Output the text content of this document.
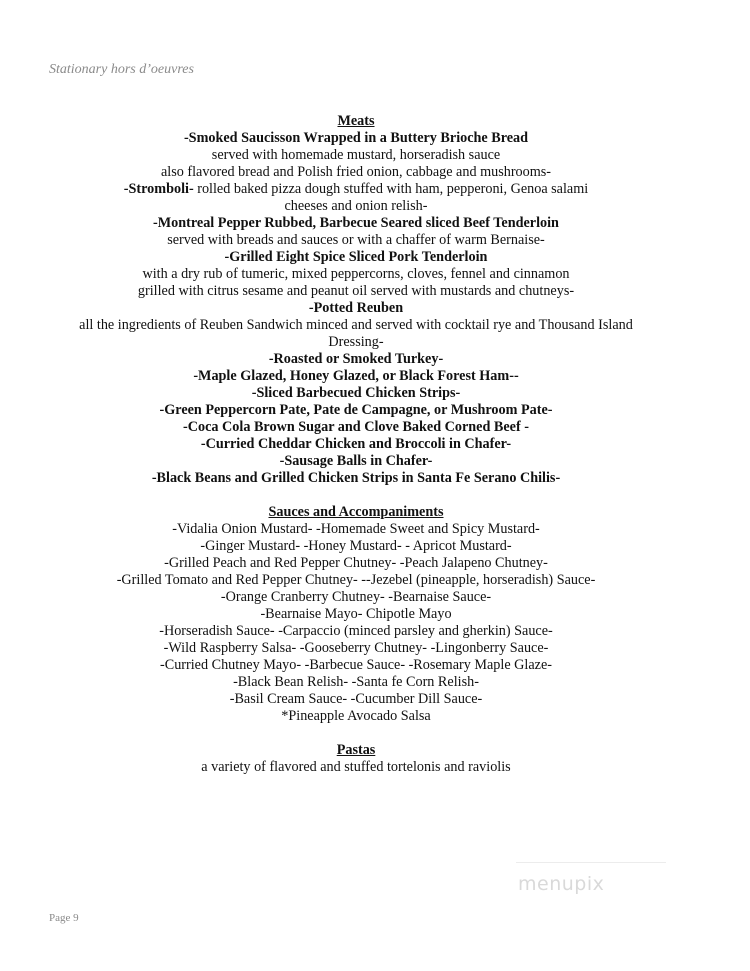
Stationary hors d’oeuvres
Meats
-Smoked Saucisson Wrapped in a Buttery Brioche Bread
served with homemade mustard, horseradish sauce
also flavored bread and Polish fried onion, cabbage and mushrooms-
-Stromboli- rolled baked pizza dough stuffed with ham, pepperoni, Genoa salami
cheeses and onion relish-
-Montreal Pepper Rubbed, Barbecue Seared sliced Beef Tenderloin
served with breads and sauces or with a chaffer of warm Bernaise-
-Grilled Eight Spice Sliced Pork Tenderloin
with a dry rub of tumeric, mixed peppercorns, cloves, fennel and cinnamon
grilled with citrus sesame and peanut oil served with mustards and chutneys-
-Potted Reuben
all the ingredients of Reuben Sandwich minced and served with cocktail rye and Thousand Island
Dressing-
-Roasted or Smoked Turkey-
-Maple Glazed, Honey Glazed, or Black Forest Ham--
-Sliced Barbecued Chicken Strips-
-Green Peppercorn Pate, Pate de Campagne, or Mushroom Pate-
-Coca Cola Brown Sugar and Clove Baked Corned Beef -
-Curried Cheddar Chicken and Broccoli in Chafer-
-Sausage Balls in Chafer-
-Black Beans and Grilled Chicken Strips in Santa Fe Serano Chilis-
Sauces and Accompaniments
-Vidalia Onion Mustard- -Homemade Sweet and Spicy Mustard-
-Ginger Mustard- -Honey Mustard- - Apricot Mustard-
-Grilled Peach and Red Pepper Chutney- -Peach Jalapeno Chutney-
-Grilled Tomato and Red Pepper Chutney- --Jezebel (pineapple, horseradish) Sauce-
-Orange Cranberry Chutney- -Bearnaise Sauce-
-Bearnaise Mayo- Chipotle Mayo
-Horseradish Sauce- -Carpaccio (minced parsley and gherkin) Sauce-
-Wild Raspberry Salsa- -Gooseberry Chutney- -Lingonberry Sauce-
-Curried Chutney Mayo- -Barbecue Sauce- -Rosemary Maple Glaze-
-Black Bean Relish- -Santa fe Corn Relish-
-Basil Cream Sauce- -Cucumber Dill Sauce-
*Pineapple Avocado Salsa
Pastas
a variety of flavored and stuffed tortelonis and raviolis
menupix
Page 9
